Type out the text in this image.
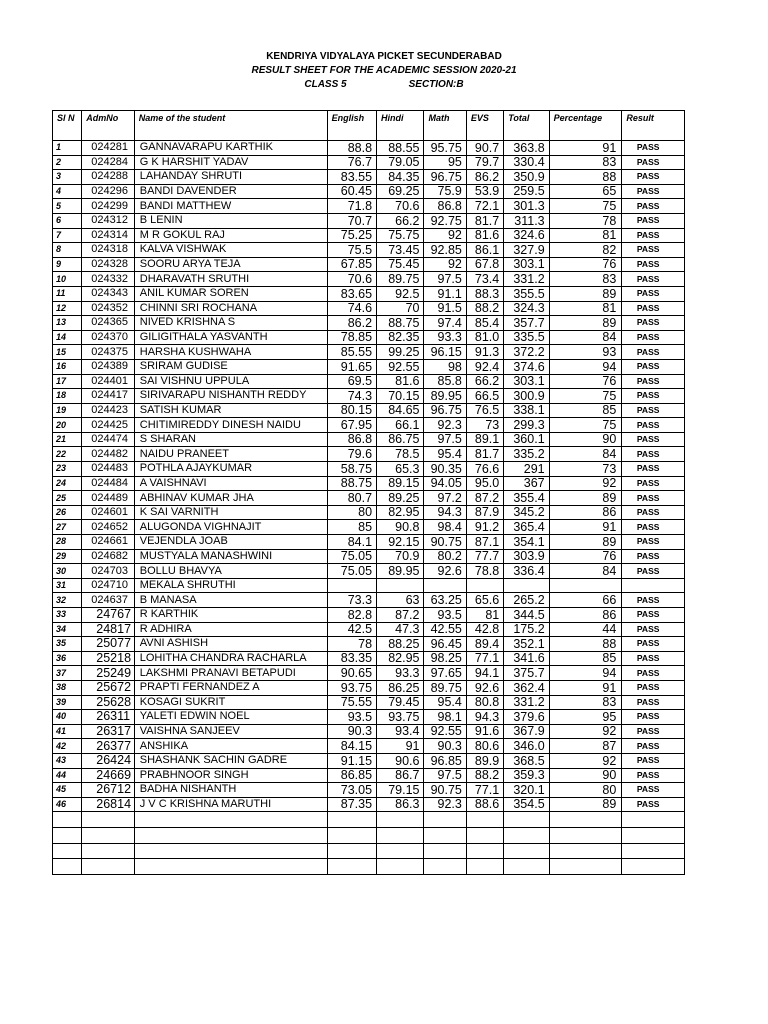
KENDRIYA VIDYALAYA PICKET SECUNDERABAD
RESULT SHEET FOR THE ACADEMIC SESSION 2020-21
CLASS 5	SECTION:B
Sl N	AdmNo	Name of the student	English	Hindi	Math	EVS	Total	Percentage	Result
1	024281	GANNAVARAPU KARTHIK	88.8	88.55	95.75	90.7	363.8	91	PASS
2	024284	G K HARSHIT YADAV	76.7	79.05	95	79.7	330.4	83	PASS
3	024288	LAHANDAY SHRUTI	83.55	84.35	96.75	86.2	350.9	88	PASS
4	024296	BANDI DAVENDER	60.45	69.25	75.9	53.9	259.5	65	PASS
5	024299	BANDI MATTHEW	71.8	70.6	86.8	72.1	301.3	75	PASS
6	024312	B LENIN	70.7	66.2	92.75	81.7	311.3	78	PASS
7	024314	M R GOKUL RAJ	75.25	75.75	92	81.6	324.6	81	PASS
8	024318	KALVA VISHWAK	75.5	73.45	92.85	86.1	327.9	82	PASS
9	024328	SOORU ARYA TEJA	67.85	75.45	92	67.8	303.1	76	PASS
10	024332	DHARAVATH SRUTHI	70.6	89.75	97.5	73.4	331.2	83	PASS
11	024343	ANIL KUMAR SOREN	83.65	92.5	91.1	88.3	355.5	89	PASS
12	024352	CHINNI SRI ROCHANA	74.6	70	91.5	88.2	324.3	81	PASS
13	024365	NIVED KRISHNA S	86.2	88.75	97.4	85.4	357.7	89	PASS
14	024370	GILIGITHALA YASVANTH	78.85	82.35	93.3	81.0	335.5	84	PASS
15	024375	HARSHA KUSHWAHA	85.55	99.25	96.15	91.3	372.2	93	PASS
16	024389	SRIRAM GUDISE	91.65	92.55	98	92.4	374.6	94	PASS
17	024401	SAI VISHNU UPPULA	69.5	81.6	85.8	66.2	303.1	76	PASS
18	024417	SIRIVARAPU NISHANTH REDDY	74.3	70.15	89.95	66.5	300.9	75	PASS
19	024423	SATISH KUMAR	80.15	84.65	96.75	76.5	338.1	85	PASS
20	024425	CHITIMIREDDY DINESH NAIDU	67.95	66.1	92.3	73	299.3	75	PASS
21	024474	S SHARAN	86.8	86.75	97.5	89.1	360.1	90	PASS
22	024482	NAIDU PRANEET	79.6	78.5	95.4	81.7	335.2	84	PASS
23	024483	POTHLA AJAYKUMAR	58.75	65.3	90.35	76.6	291	73	PASS
24	024484	A VAISHNAVI	88.75	89.15	94.05	95.0	367	92	PASS
25	024489	ABHINAV KUMAR JHA	80.7	89.25	97.2	87.2	355.4	89	PASS
26	024601	K SAI VARNITH	80	82.95	94.3	87.9	345.2	86	PASS
27	024652	ALUGONDA VIGHNAJIT	85	90.8	98.4	91.2	365.4	91	PASS
28	024661	VEJENDLA JOAB	84.1	92.15	90.75	87.1	354.1	89	PASS
29	024682	MUSTYALA MANASHWINI	75.05	70.9	80.2	77.7	303.9	76	PASS
30	024703	BOLLU BHAVYA	75.05	89.95	92.6	78.8	336.4	84	PASS
31	024710	MEKALA SHRUTHI							
32	024637	B MANASA	73.3	63	63.25	65.6	265.2	66	PASS
33	24767	R KARTHIK	82.8	87.2	93.5	81	344.5	86	PASS
34	24817	R ADHIRA	42.5	47.3	42.55	42.8	175.2	44	PASS
35	25077	AVNI ASHISH	78	88.25	96.45	89.4	352.1	88	PASS
36	25218	LOHITHA CHANDRA RACHARLA	83.35	82.95	98.25	77.1	341.6	85	PASS
37	25249	LAKSHMI PRANAVI BETAPUDI	90.65	93.3	97.65	94.1	375.7	94	PASS
38	25672	PRAPTI FERNANDEZ A	93.75	86.25	89.75	92.6	362.4	91	PASS
39	25628	KOSAGI SUKRIT	75.55	79.45	95.4	80.8	331.2	83	PASS
40	26311	YALETI EDWIN NOEL	93.5	93.75	98.1	94.3	379.6	95	PASS
41	26317	VAISHNA SANJEEV	90.3	93.4	92.55	91.6	367.9	92	PASS
42	26377	ANSHIKA	84.15	91	90.3	80.6	346.0	87	PASS
43	26424	SHASHANK SACHIN GADRE	91.15	90.6	96.85	89.9	368.5	92	PASS
44	24669	PRABHNOOR SINGH	86.85	86.7	97.5	88.2	359.3	90	PASS
45	26712	BADHA NISHANTH	73.05	79.15	90.75	77.1	320.1	80	PASS
46	26814	J V C KRISHNA MARUTHI	87.35	86.3	92.3	88.6	354.5	89	PASS
